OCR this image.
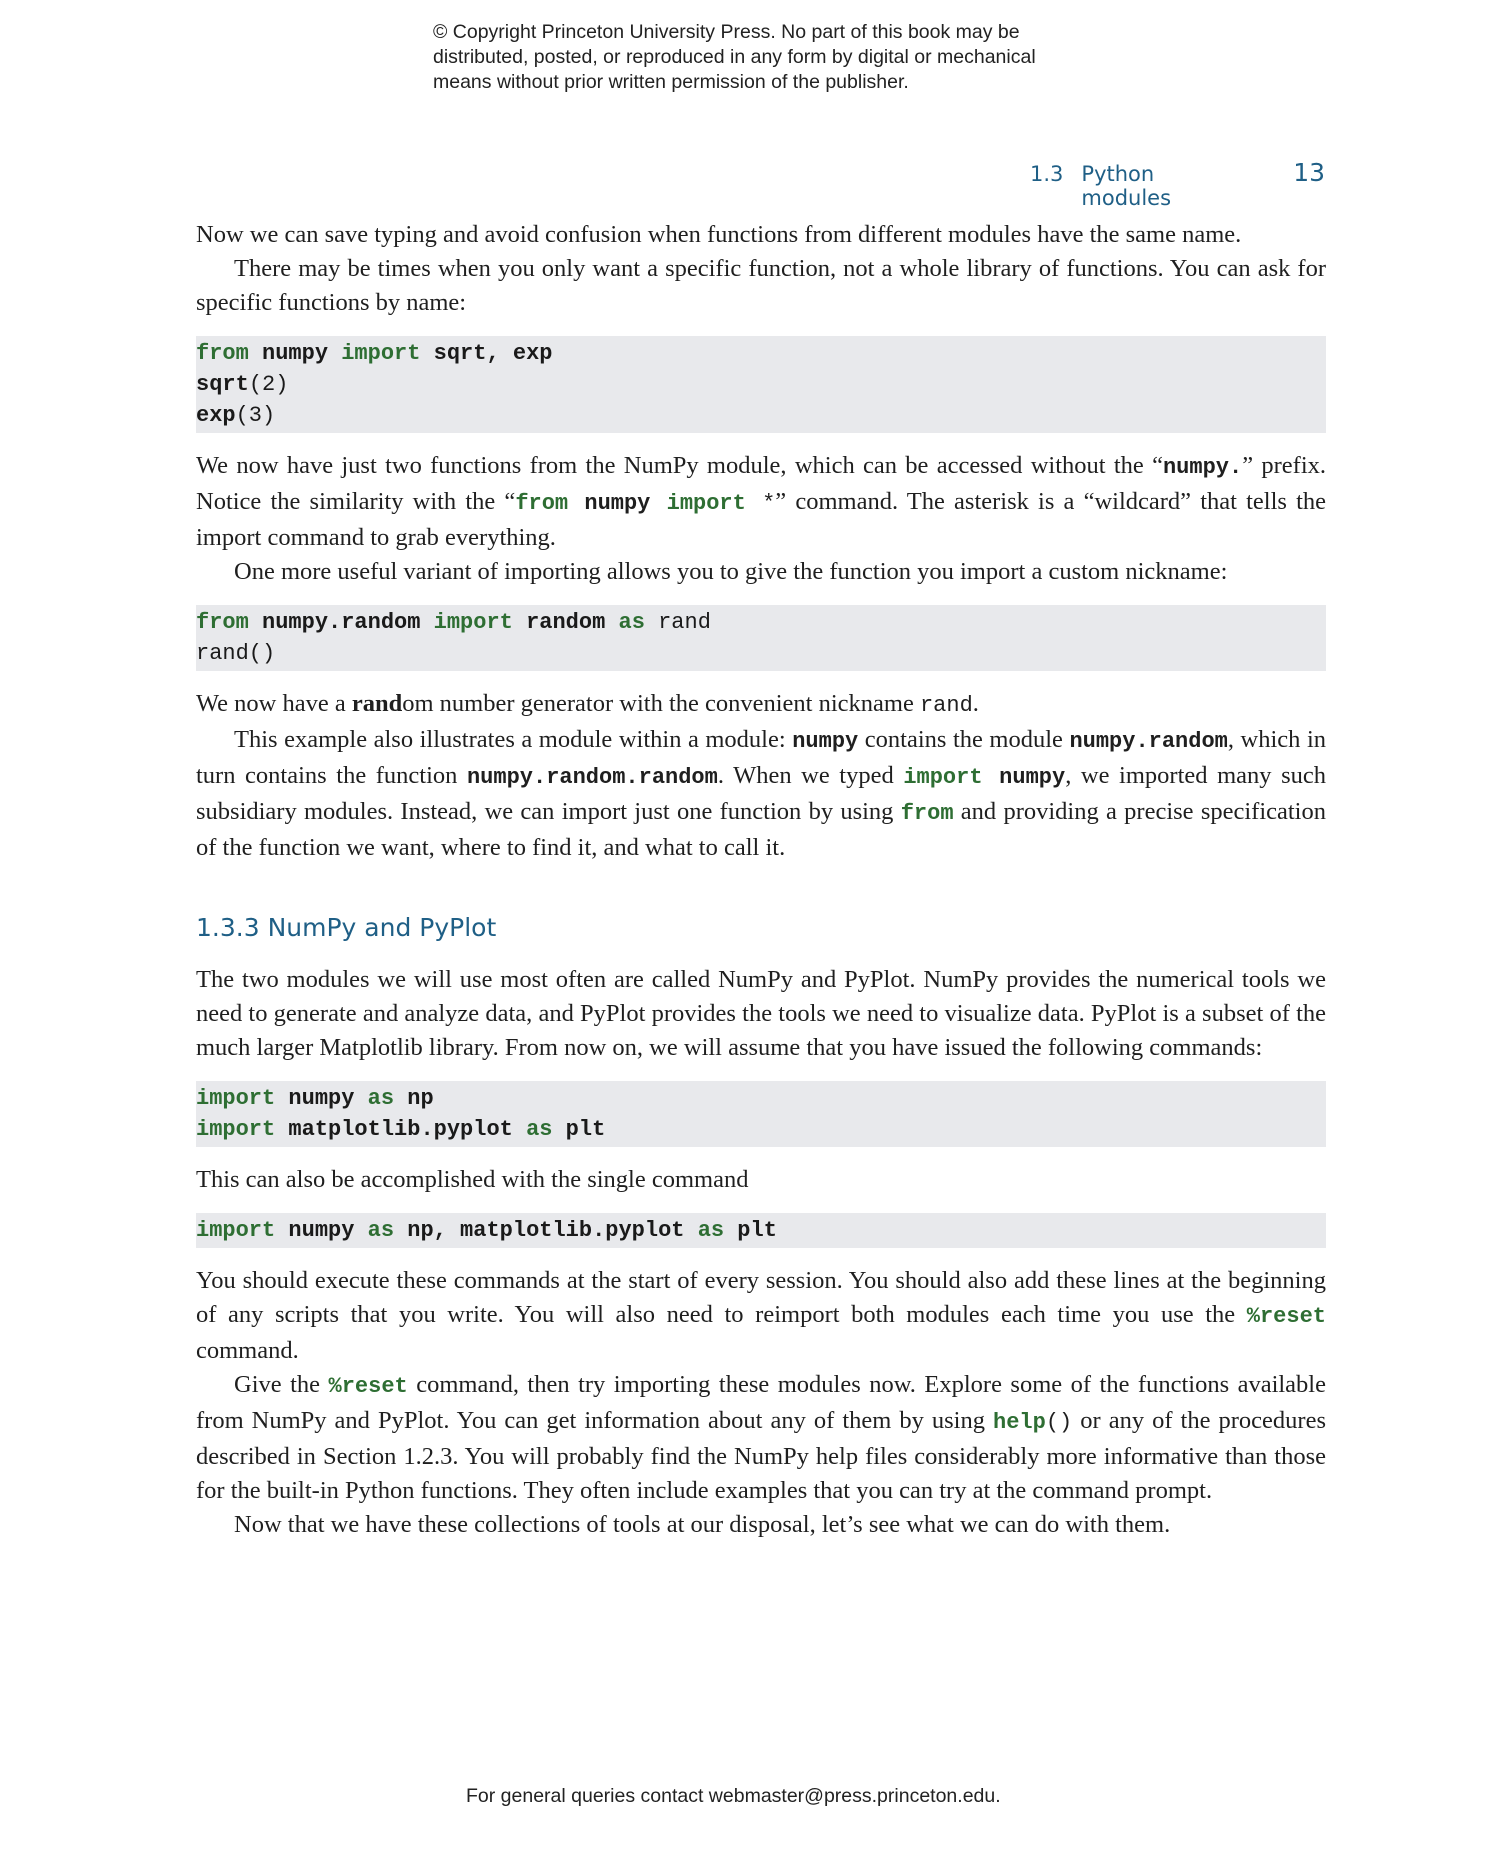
© Copyright Princeton University Press. No part of this book may be
distributed, posted, or reproduced in any form by digital or mechanical
means without prior written permission of the publisher.
1.3 Python modules
13

Now we can save typing and avoid confusion when functions from different modules have the same name.

There may be times when you only want a specific function, not a whole library of functions. You can ask for specific functions by name:

from numpy import sqrt, exp
sqrt(2)
exp(3)

We now have just two functions from the NumPy module, which can be accessed without the “numpy.” prefix. Notice the similarity with the “from numpy import *” command. The asterisk is a “wildcard” that tells the import command to grab everything.

One more useful variant of importing allows you to give the function you import a custom nickname:

from numpy.random import random as rand
rand()

We now have a random number generator with the convenient nickname rand.

This example also illustrates a module within a module: numpy contains the module numpy.random, which in turn contains the function numpy.random.random. When we typed import numpy, we imported many such subsidiary modules. Instead, we can import just one function by using from and providing a precise specification of the function we want, where to find it, and what to call it.

1.3.3 NumPy and PyPlot

The two modules we will use most often are called NumPy and PyPlot. NumPy provides the numerical tools we need to generate and analyze data, and PyPlot provides the tools we need to visualize data. PyPlot is a subset of the much larger Matplotlib library. From now on, we will assume that you have issued the following commands:

import numpy as np
import matplotlib.pyplot as plt

This can also be accomplished with the single command

import numpy as np, matplotlib.pyplot as plt

You should execute these commands at the start of every session. You should also add these lines at the beginning of any scripts that you write. You will also need to reimport both modules each time you use the %reset command.

Give the %reset command, then try importing these modules now. Explore some of the functions available from NumPy and PyPlot. You can get information about any of them by using help() or any of the procedures described in Section 1.2.3. You will probably find the NumPy help files considerably more informative than those for the built-in Python functions. They often include examples that you can try at the command prompt.

Now that we have these collections of tools at our disposal, let’s see what we can do with them.

For general queries contact webmaster@press.princeton.edu.
